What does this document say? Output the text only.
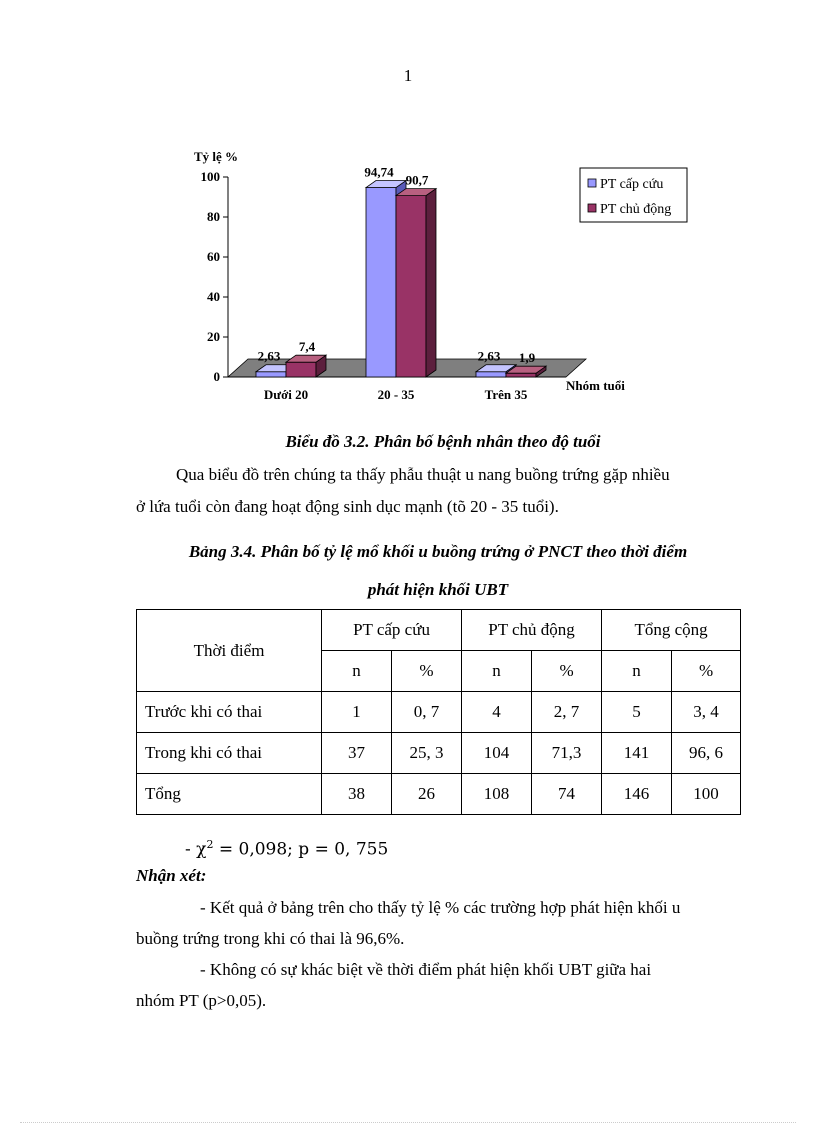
1
0
20
40
60
80
100
2,63
7,4
Dưới 20
94,74
90,7
20 - 35
2,63 1,9
Trên 35
Tỷ lệ %
Nhóm tuổi
PT cấp cứu
PT chủ động
Biểu đồ 3.2. Phân bố bệnh nhân theo độ tuổi

Qua biểu đồ trên chúng ta thấy phẫu thuật u nang buồng trứng gặp nhiều

ở lứa tuổi còn đang hoạt động sinh dục mạnh (tõ 20 - 35 tuổi).

Bảng 3.4. Phân bố tỷ lệ mổ khối u buồng trứng ở PNCT theo thời điểm
phát hiện khối UBT
Thời điểm	PT cấp cứu		PT chủ động		Tổng cộng	
	n	%	n	%	n	%
Trước khi có thai	1	0, 7	4	2, 7	5	3, 4
Trong khi có thai	37	25, 3	104	71,3	141	96, 6
Tổng	38	26	108	74	146	100
- $\chi^2 = 0,098$; p = 0, 755
Nhận xét:

- Kết quả ở bảng trên cho thấy tỷ lệ % các trường hợp phát hiện khối u

buồng trứng trong khi có thai là 96,6%.

- Không có sự khác biệt về thời điểm phát hiện khối UBT giữa hai

nhóm PT (p>0,05).
